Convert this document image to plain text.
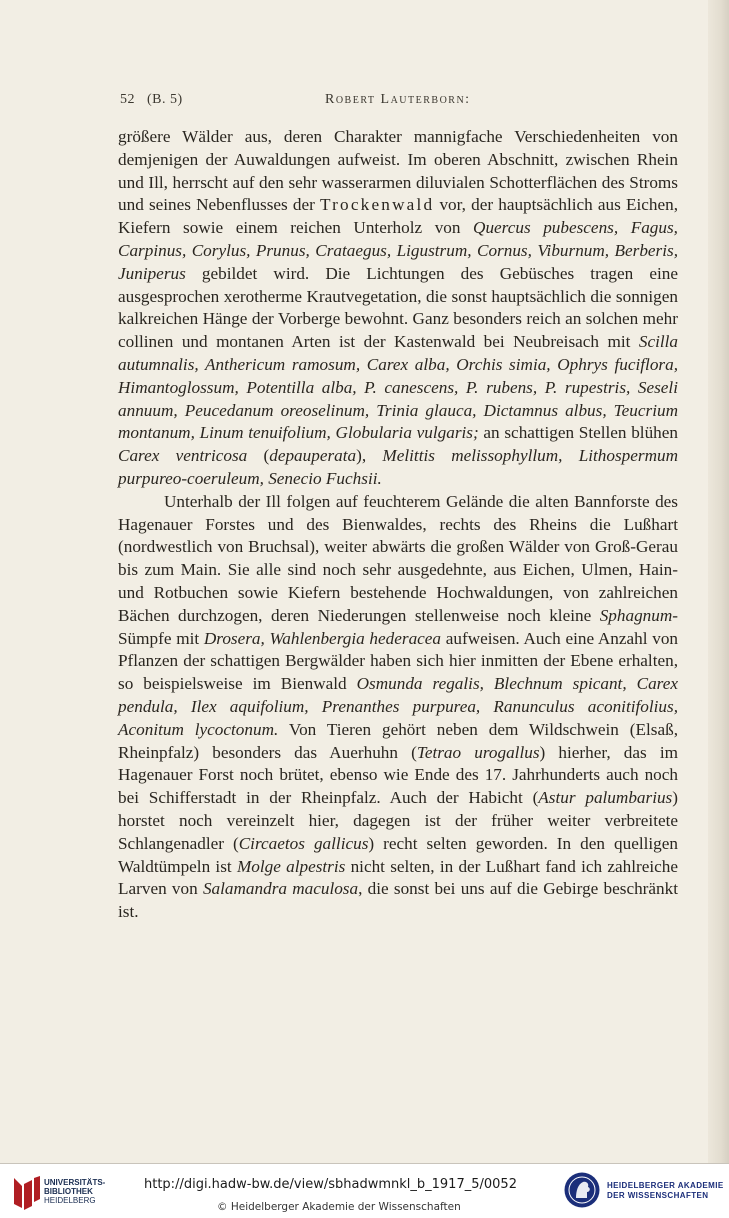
52 (B. 5)	Robert Lauterborn:

größere Wälder aus, deren Charakter mannigfache Verschiedenheiten von demjenigen der Auwaldungen aufweist. Im oberen Abschnitt, zwischen Rhein und Ill, herrscht auf den sehr wasserarmen diluvialen Schotterflächen des Stroms und seines Nebenflusses der Trockenwald vor, der hauptsächlich aus Eichen, Kiefern sowie einem reichen Unterholz von Quercus pubescens, Fagus, Carpinus, Corylus, Prunus, Crataegus, Ligustrum, Cornus, Viburnum, Berberis, Juniperus gebildet wird. Die Lichtungen des Gebüsches tragen eine ausgesprochen xerotherme Krautvegetation, die sonst hauptsächlich die sonnigen kalkreichen Hänge der Vorberge bewohnt. Ganz besonders reich an solchen mehr collinen und montanen Arten ist der Kastenwald bei Neubreisach mit Scilla autumnalis, Anthericum ramosum, Carex alba, Orchis simia, Ophrys fuciflora, Himantoglossum, Potentilla alba, P. canescens, P. rubens, P. rupestris, Seseli annuum, Peucedanum oreoselinum, Trinia glauca, Dictamnus albus, Teucrium montanum, Linum tenuifolium, Globularia vulgaris; an schattigen Stellen blühen Carex ventricosa (depauperata), Melittis melissophyllum, Lithospermum purpureo-coeruleum, Senecio Fuchsii.

Unterhalb der Ill folgen auf feuchterem Gelände die alten Bannforste des Hagenauer Forstes und des Bienwaldes, rechts des Rheins die Lußhart (nordwestlich von Bruchsal), weiter abwärts die großen Wälder von Groß-Gerau bis zum Main. Sie alle sind noch sehr ausgedehnte, aus Eichen, Ulmen, Hain- und Rotbuchen sowie Kiefern bestehende Hochwaldungen, von zahlreichen Bächen durchzogen, deren Niederungen stellenweise noch kleine Sphagnum-Sümpfe mit Drosera, Wahlenbergia hederacea aufweisen. Auch eine Anzahl von Pflanzen der schattigen Bergwälder haben sich hier inmitten der Ebene erhalten, so beispielsweise im Bienwald Osmunda regalis, Blechnum spicant, Carex pendula, Ilex aquifolium, Prenanthes purpurea, Ranunculus aconitifolius, Aconitum lycoctonum. Von Tieren gehört neben dem Wildschwein (Elsaß, Rheinpfalz) besonders das Auerhuhn (Tetrao urogallus) hierher, das im Hagenauer Forst noch brütet, ebenso wie Ende des 17. Jahrhunderts auch noch bei Schifferstadt in der Rheinpfalz. Auch der Habicht (Astur palumbarius) horstet noch vereinzelt hier, dagegen ist der früher weiter verbreitete Schlangenadler (Circaetos gallicus) recht selten geworden. In den quelligen Waldtümpeln ist Molge alpestris nicht selten, in der Lußhart fand ich zahlreiche Larven von Salamandra maculosa, die sonst bei uns auf die Gebirge beschränkt ist.

UNIVERSITÄTS-
BIBLIOTHEK
HEIDELBERG
http://digi.hadw-bw.de/view/sbhadwmnkl_b_1917_5/0052
© Heidelberger Akademie der Wissenschaften
HEIDELBERGER AKADEMIE
DER WISSENSCHAFTEN
